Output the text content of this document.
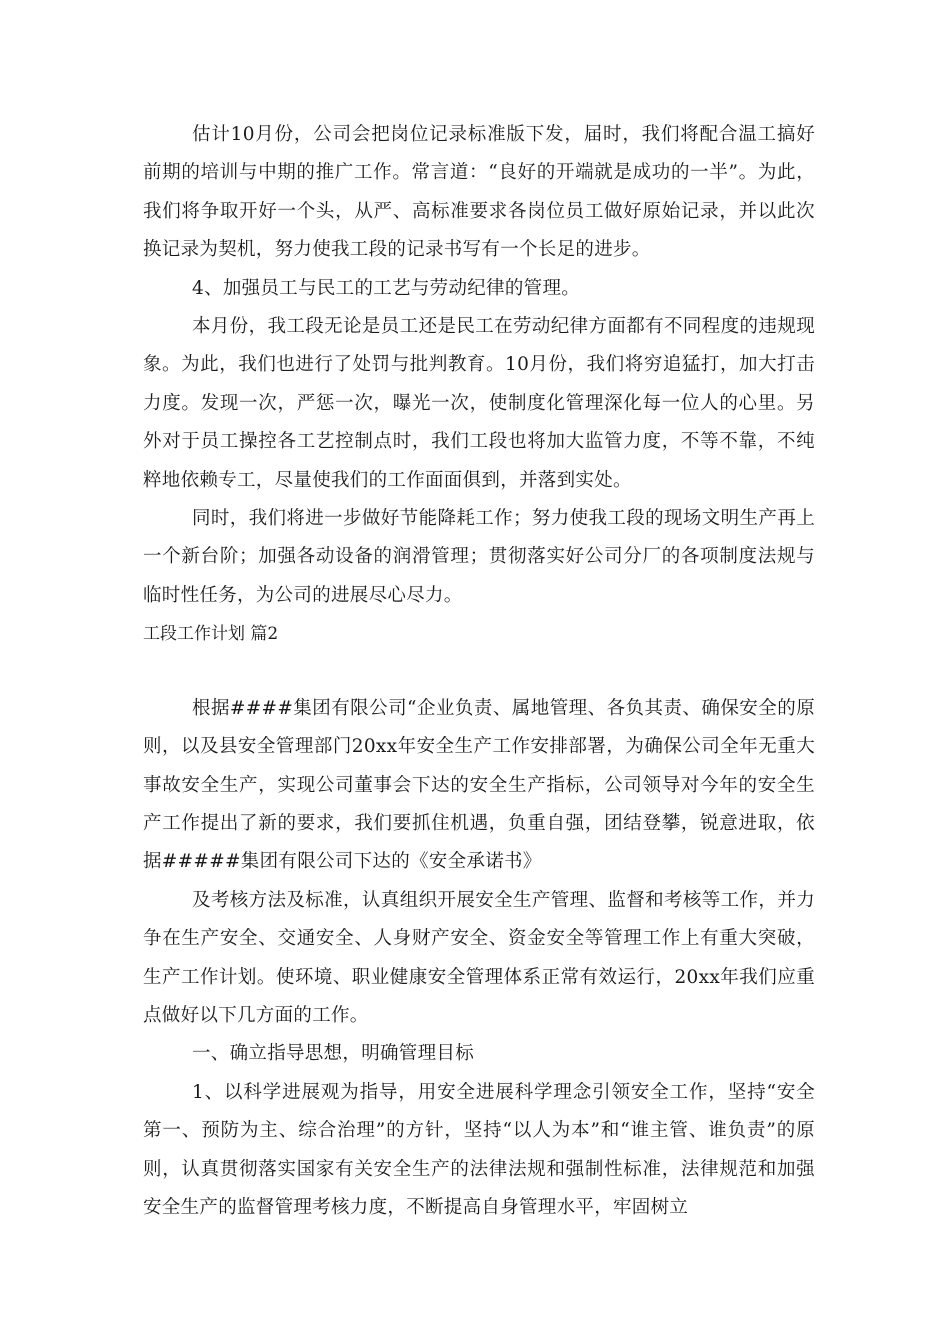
估计10月份，公司会把岗位记录标准版下发，届时，我们将配合温工搞好前期的培训与中期的推广工作。常言道：“良好的开端就是成功的一半”。为此，我们将争取开好一个头，从严、高标准要求各岗位员工做好原始记录，并以此次换记录为契机，努力使我工段的记录书写有一个长足的进步。

4、加强员工与民工的工艺与劳动纪律的管理。

本月份，我工段无论是员工还是民工在劳动纪律方面都有不同程度的违规现象。为此，我们也进行了处罚与批判教育。10月份，我们将穷追猛打，加大打击力度。发现一次，严惩一次，曝光一次，使制度化管理深化每一位人的心里。另外对于员工操控各工艺控制点时，我们工段也将加大监管力度，不等不靠，不纯粹地依赖专工，尽量使我们的工作面面俱到，并落到实处。

同时，我们将进一步做好节能降耗工作；努力使我工段的现场文明生产再上一个新台阶；加强各动设备的润滑管理；贯彻落实好公司分厂的各项制度法规与临时性任务，为公司的进展尽心尽力。

工段工作计划 篇2

根据####集团有限公司“企业负责、属地管理、各负其责、确保安全的原则，以及县安全管理部门20xx年安全生产工作安排部署，为确保公司全年无重大事故安全生产，实现公司董事会下达的安全生产指标，公司领导对今年的安全生产工作提出了新的要求，我们要抓住机遇，负重自强，团结登攀，锐意进取，依据#####集团有限公司下达的《安全承诺书》

及考核方法及标准，认真组织开展安全生产管理、监督和考核等工作，并力争在生产安全、交通安全、人身财产安全、资金安全等管理工作上有重大突破，生产工作计划。使环境、职业健康安全管理体系正常有效运行，20xx年我们应重点做好以下几方面的工作。

一、确立指导思想，明确管理目标

1、以科学进展观为指导，用安全进展科学理念引领安全工作，坚持“安全第一、预防为主、综合治理”的方针，坚持“以人为本”和“谁主管、谁负责”的原则，认真贯彻落实国家有关安全生产的法律法规和强制性标准，法律规范和加强安全生产的监督管理考核力度，不断提高自身管理水平，牢固树立
